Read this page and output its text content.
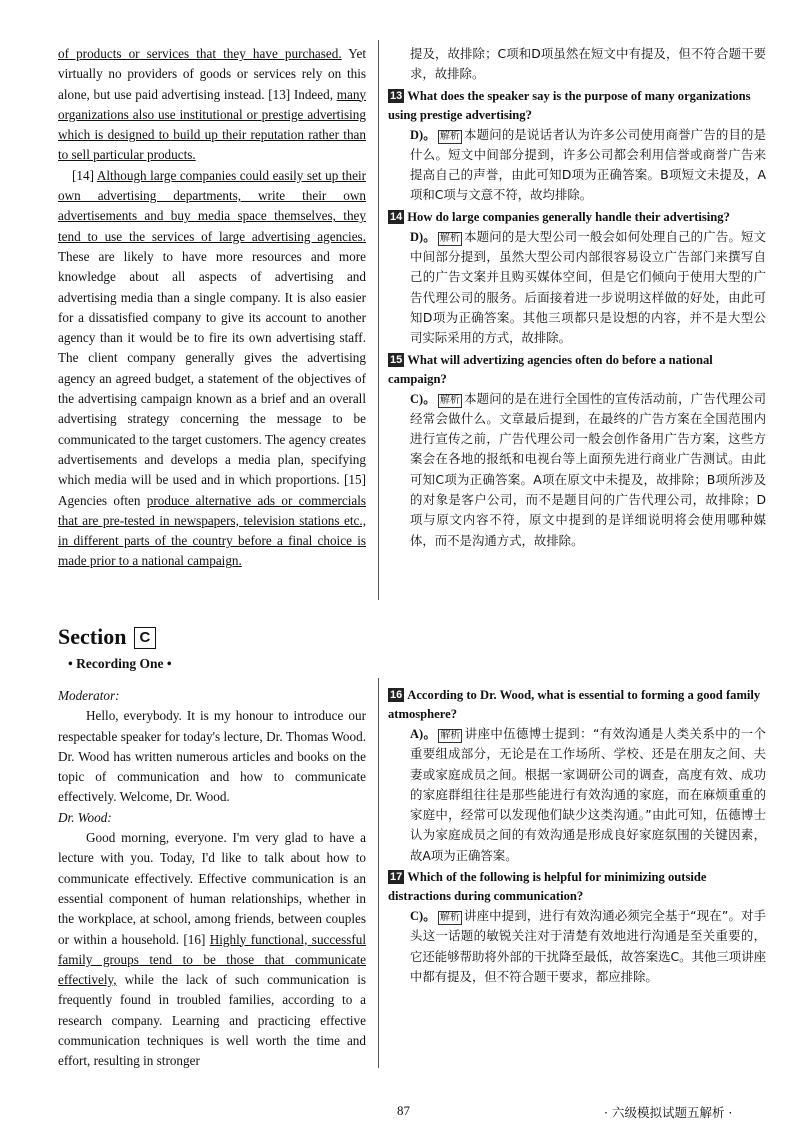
of products or services that they have purchased. Yet virtually no providers of goods or services rely on this alone, but use paid advertising instead. [13] Indeed, many organizations also use institutional or prestige advertising which is designed to build up their reputation rather than to sell particular products.

[14] Although large companies could easily set up their own advertising departments, write their own advertisements and buy media space themselves, they tend to use the services of large advertising agencies. These are likely to have more resources and more knowledge about all aspects of advertising and advertising media than a single company. It is also easier for a dissatisfied company to give its account to another agency than it would be to fire its own advertising staff. The client company generally gives the advertising agency an agreed budget, a statement of the objectives of the advertising campaign known as a brief and an overall advertising strategy concerning the message to be communicated to the target customers. The agency creates advertisements and develops a media plan, specifying which media will be used and in which proportions. [15] Agencies often produce alternative ads or commercials that are pre-tested in newspapers, television stations etc., in different parts of the country before a final choice is made prior to a national campaign.

Section C
• Recording One •

Moderator:

Hello, everybody. It is my honour to introduce our respectable speaker for today's lecture, Dr. Thomas Wood. Dr. Wood has written numerous articles and books on the topic of communication and how to communicate effectively. Welcome, Dr. Wood.

Dr. Wood:

Good morning, everyone. I'm very glad to have a lecture with you. Today, I'd like to talk about how to communicate effectively. Effective communication is an essential component of human relationships, whether in the workplace, at school, among friends, between couples or within a household. [16] Highly functional, successful family groups tend to be those that communicate effectively, while the lack of such communication is frequently found in troubled families, according to a research company. Learning and practicing effective communication techniques is well worth the time and effort, resulting in stronger

提及，故排除；C项和D项虽然在短文中有提及，但不符合题干要求，故排除。

13 What does the speaker say is the purpose of many organizations using prestige advertising?
D)。 解析 本题问的是说话者认为许多公司使用商誉广告的目的是什么。短文中间部分提到，许多公司都会利用信誉或商誉广告来提高自己的声誉，由此可知D项为正确答案。B项短文未提及，A项和C项与文意不符，故均排除。
14 How do large companies generally handle their advertising?
D)。 解析 本题问的是大型公司一般会如何处理自己的广告。短文中间部分提到，虽然大型公司内部很容易设立广告部门来撰写自己的广告文案并且购买媒体空间，但是它们倾向于使用大型的广告代理公司的服务。后面接着进一步说明这样做的好处，由此可知D项为正确答案。其他三项都只是设想的内容，并不是大型公司实际采用的方式，故排除。
15 What will advertizing agencies often do before a national campaign?
C)。 解析 本题问的是在进行全国性的宣传活动前，广告代理公司经常会做什么。文章最后提到，在最终的广告方案在全国范围内进行宣传之前，广告代理公司一般会创作备用广告方案，这些方案会在各地的报纸和电视台等上面预先进行商业广告测试。由此可知C项为正确答案。A项在原文中未提及，故排除；B项所涉及的对象是客户公司，而不是题目问的广告代理公司，故排除；D项与原文内容不符，原文中提到的是详细说明将会使用哪种媒体，而不是沟通方式，故排除。
16 According to Dr. Wood, what is essential to forming a good family atmosphere?
A)。 解析 讲座中伍德博士提到：“有效沟通是人类关系中的一个重要组成部分，无论是在工作场所、学校、还是在朋友之间、夫妻或家庭成员之间。根据一家调研公司的调查，高度有效、成功的家庭群组往往是那些能进行有效沟通的家庭，而在麻烦重重的家庭中，经常可以发现他们缺少这类沟通。”由此可知，伍德博士认为家庭成员之间的有效沟通是形成良好家庭氛围的关键因素，故A项为正确答案。
17 Which of the following is helpful for minimizing outside distractions during communication?
C)。 解析 讲座中提到，进行有效沟通必须完全基于“现在”。对手头这一话题的敏锐关注对于清楚有效地进行沟通是至关重要的，它还能够帮助将外部的干扰降至最低，故答案选C。其他三项讲座中都有提及，但不符合题干要求，都应排除。
87	· 六级模拟试题五解析 ·
